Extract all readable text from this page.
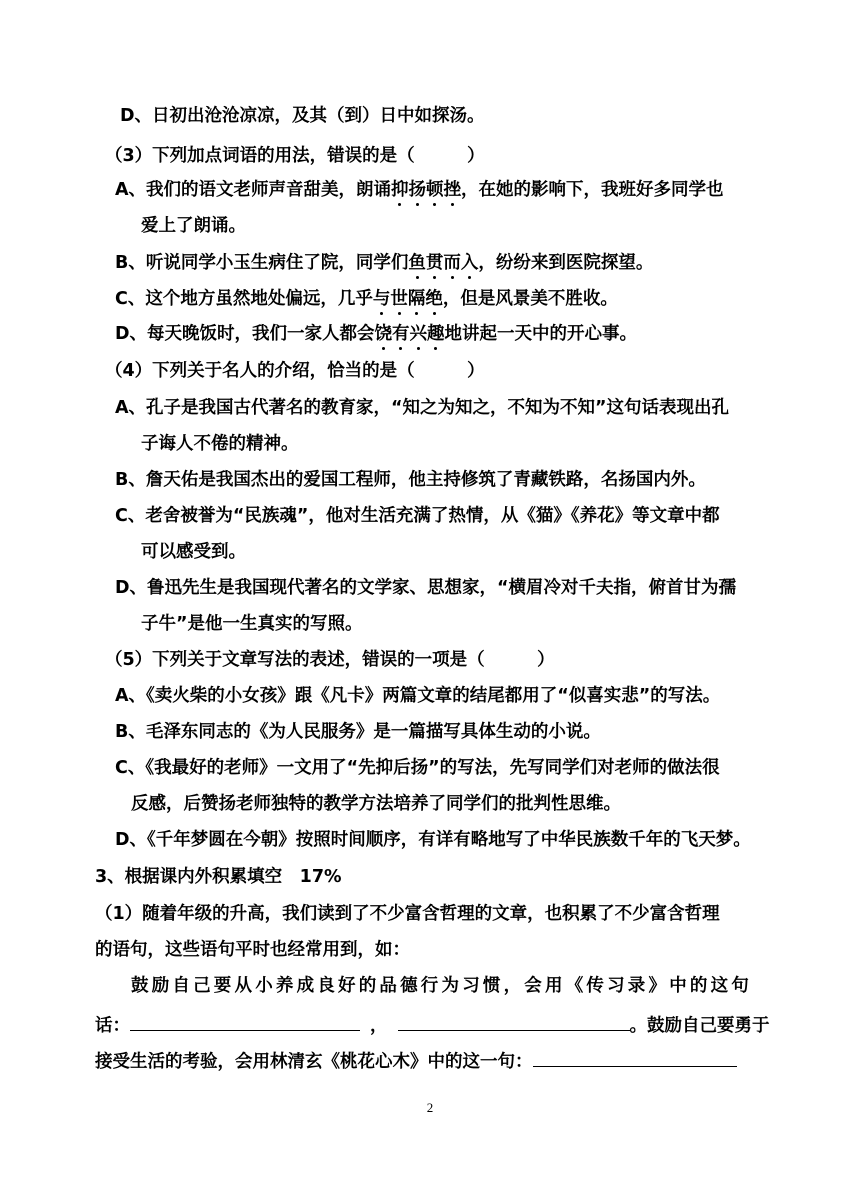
D、日初出沧沧凉凉，及其（到）日中如探汤。
（3）下列加点词语的用法，错误的是（　　　）
A、我们的语文老师声音甜美，朗诵抑扬顿挫，在她的影响下，我班好多同学也
爱上了朗诵。
B、听说同学小玉生病住了院，同学们鱼贯而入，纷纷来到医院探望。
C、这个地方虽然地处偏远，几乎与世隔绝，但是风景美不胜收。
D、每天晚饭时，我们一家人都会饶有兴趣地讲起一天中的开心事。
（4）下列关于名人的介绍，恰当的是（　　　）
A、孔子是我国古代著名的教育家，“知之为知之，不知为不知”这句话表现出孔
子诲人不倦的精神。
B、詹天佑是我国杰出的爱国工程师，他主持修筑了青藏铁路，名扬国内外。
C、老舍被誉为“民族魂”，他对生活充满了热情，从《猫》《养花》等文章中都
可以感受到。
D、鲁迅先生是我国现代著名的文学家、思想家，“横眉冷对千夫指，俯首甘为孺
子牛”是他一生真实的写照。
（5）下列关于文章写法的表述，错误的一项是（　　　）
A、《卖火柴的小女孩》跟《凡卡》两篇文章的结尾都用了“似喜实悲”的写法。
B、毛泽东同志的《为人民服务》是一篇描写具体生动的小说。
C、《我最好的老师》一文用了“先抑后扬”的写法，先写同学们对老师的做法很
反感，后赞扬老师独特的教学方法培养了同学们的批判性思维。
D、《千年梦圆在今朝》按照时间顺序，有详有略地写了中华民族数千年的飞天梦。
3、根据课内外积累填空　17%
（1）随着年级的升高，我们读到了不少富含哲理的文章，也积累了不少富含哲理
的语句，这些语句平时也经常用到，如：
鼓励自己要从小养成良好的品德行为习惯，会用《传习录》中的这句
话：	，	。鼓励自己要勇于
接受生活的考验，会用林清玄《桃花心木》中的这一句：
2
